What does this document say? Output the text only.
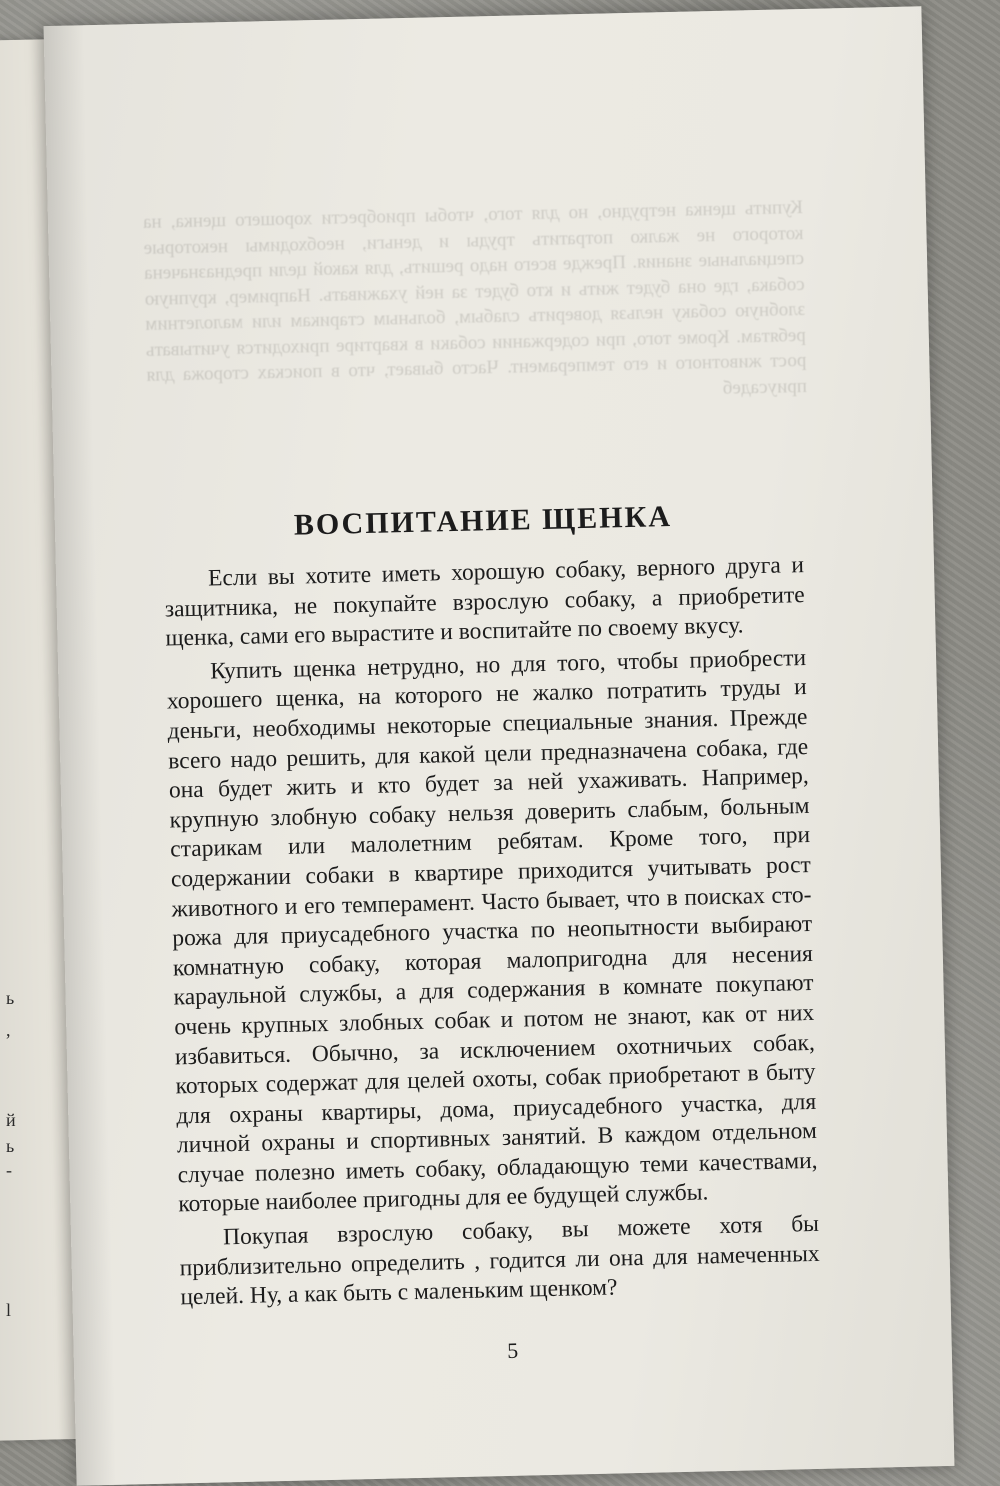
ь
,
й
ь
-
l
Купить щенка нетрудно, но для того, чтобы приобрести хорошего щенка, на которого не жалко потратить труды и деньги, необходимы некоторые специальные знания. Прежде всего надо решить, для какой цели предназначена собака, где она будет жить и кто будет за ней ухаживать. Например, крупную злобную собаку нельзя доверить слабым, больным старикам или малолетним ребятам. Кроме того, при содержании собаки в квартире приходится учитывать рост животного и его темперамент. Часто бывает, что в поисках сторожа для приусадеб
ВОСПИТАНИЕ ЩЕНКА

Если вы хотите иметь хорошую собаку, верного друга и защитника, не покупайте взрослую собаку, а приобретите щенка, сами его вырастите и воспитайте по своему вкусу.

Купить щенка нетрудно, но для того, чтобы приобрести хорошего щенка, на которого не жалко потратить труды и деньги, необходимы некоторые специальные знания. Прежде всего надо решить, для какой цели предназначена собака, где она будет жить и кто будет за ней ухаживать. Например, крупную злобную собаку нельзя доверить слабым, больным старикам или малолетним ребятам. Кроме того, при содержании собаки в квартире приходится учитывать рост животного и его темперамент. Часто бывает, что в поисках сторожа для приусадебного участка по неопытности выбирают комнатную собаку, которая малопригодна для несения караульной службы, а для содержания в комнате покупают очень крупных злобных собак и потом не знают, как от них избавиться. Обычно, за исключением охотничьих собак, которых содержат для целей охоты, собак приобретают в быту для охраны квартиры, дома, приусадебного участка, для личной охраны и спортивных занятий. В каждом отдельном случае полезно иметь собаку, обладающую теми качествами, которые наиболее пригодны для ее будущей службы.

Покупая взрослую собаку, вы можете хотя бы приблизительно определить , годится ли она для намеченных целей. Ну, а как быть с маленьким щенком?

5
